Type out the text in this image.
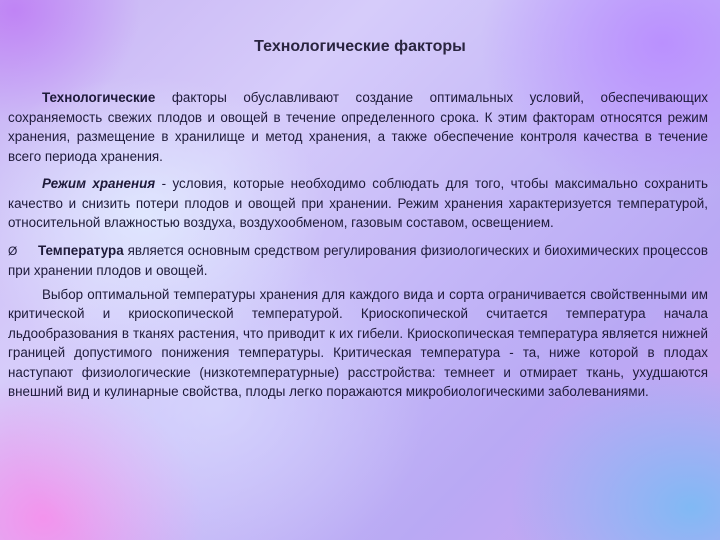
Технологические факторы

Технологические факторы обуславливают создание оптимальных условий, обеспечивающих сохраняемость свежих плодов и овощей в течение определенного срока. К этим факторам относятся режим хранения, размещение в хранилище и метод хранения, а также обеспечение контроля качества в течение всего периода хранения.

Режим хранения - условия, которые необходимо соблюдать для того, чтобы максимально сохранить качество и снизить потери плодов и овощей при хранении. Режим хранения характеризуется температурой, относительной влажностью воздуха, воздухообменом, газовым составом, освещением.

Ø Температура является основным средством регулирования физиологических и биохимических процессов при хранении плодов и овощей.

Выбор оптимальной температуры хранения для каждого вида и сорта ограничивается свойственными им критической и криоскопической температурой. Криоскопической считается температура начала льдообразования в тканях растения, что приводит к их гибели. Криоскопическая температура является нижней границей допустимого понижения температуры. Критическая температура - та, ниже которой в плодах наступают физиологические (низкотемпературные) расстройства: темнеет и отмирает ткань, ухудшаются внешний вид и кулинарные свойства, плоды легко поражаются микробиологическими заболеваниями.
